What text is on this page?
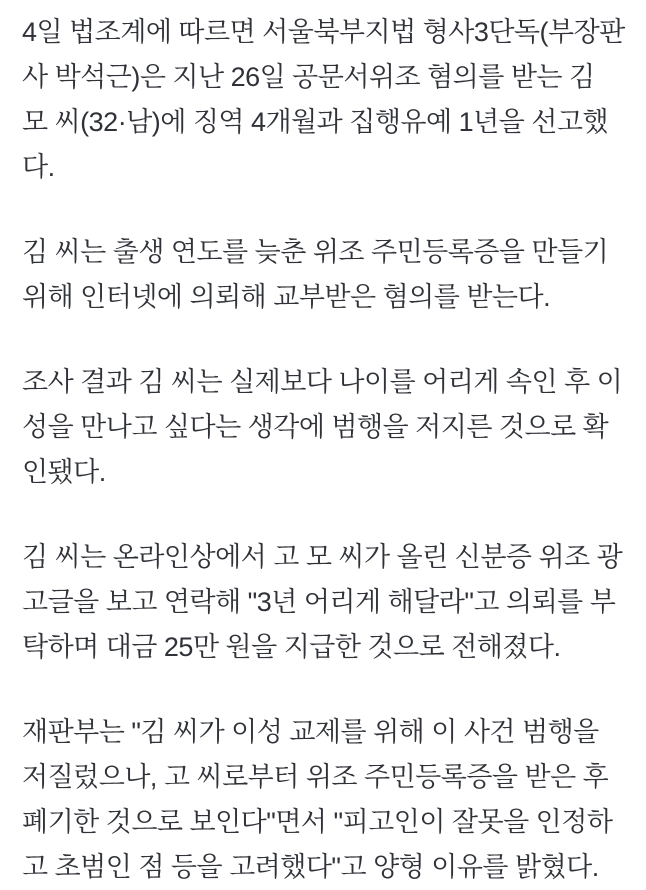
4일 법조계에 따르면 서울북부지법 형사3단독(부장판사 박석근)은 지난 26일 공문서위조 혐의를 받는 김 모 씨(32·남)에 징역 4개월과 집행유예 1년을 선고했다.

김 씨는 출생 연도를 늦춘 위조 주민등록증을 만들기 위해 인터넷에 의뢰해 교부받은 혐의를 받는다.

조사 결과 김 씨는 실제보다 나이를 어리게 속인 후 이성을 만나고 싶다는 생각에 범행을 저지른 것으로 확인됐다.

김 씨는 온라인상에서 고 모 씨가 올린 신분증 위조 광고글을 보고 연락해 "3년 어리게 해달라"고 의뢰를 부탁하며 대금 25만 원을 지급한 것으로 전해졌다.

재판부는 "김 씨가 이성 교제를 위해 이 사건 범행을 저질렀으나, 고 씨로부터 위조 주민등록증을 받은 후 폐기한 것으로 보인다"면서 "피고인이 잘못을 인정하고 초범인 점 등을 고려했다"고 양형 이유를 밝혔다.
